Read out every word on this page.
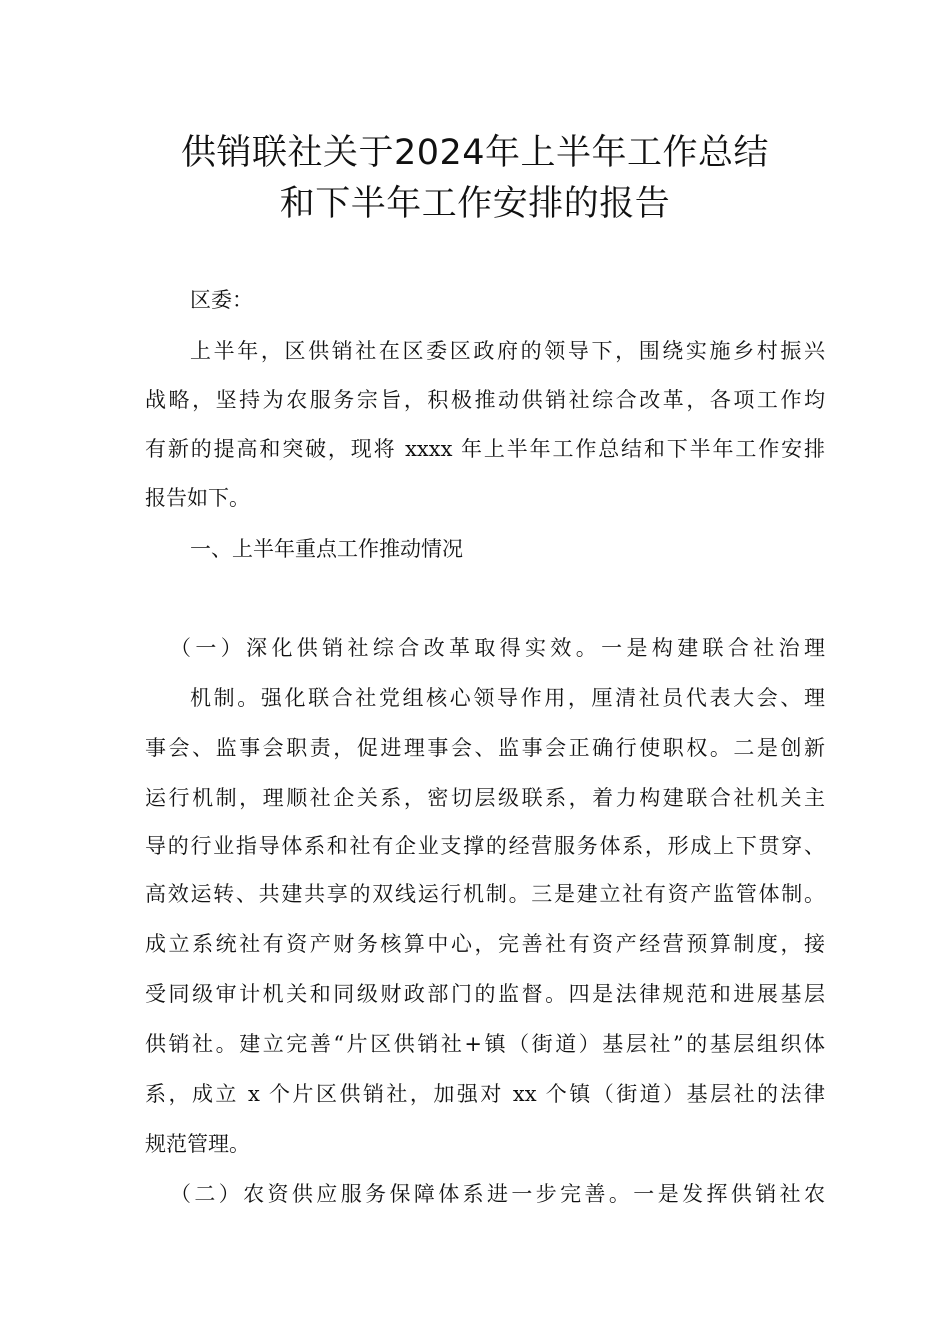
供销联社关于2024年上半年工作总结
和下半年工作安排的报告
区委：
上半年，区供销社在区委区政府的领导下，围绕实施乡村振兴
战略，坚持为农服务宗旨，积极推动供销社综合改革，各项工作均
有新的提高和突破，现将 xxxx 年上半年工作总结和下半年工作安排
报告如下。
一、上半年重点工作推动情况
（一）深化供销社综合改革取得实效。一是构建联合社治理
机制。强化联合社党组核心领导作用，厘清社员代表大会、理
事会、监事会职责，促进理事会、监事会正确行使职权。二是创新
运行机制，理顺社企关系，密切层级联系，着力构建联合社机关主
导的行业指导体系和社有企业支撑的经营服务体系，形成上下贯穿、
高效运转、共建共享的双线运行机制。三是建立社有资产监管体制。
成立系统社有资产财务核算中心，完善社有资产经营预算制度，接
受同级审计机关和同级财政部门的监督。四是法律规范和进展基层
供销社。建立完善“片区供销社+镇（街道）基层社”的基层组织体
系，成立 x 个片区供销社，加强对 xx 个镇（街道）基层社的法律
规范管理。
（二）农资供应服务保障体系进一步完善。一是发挥供销社农
